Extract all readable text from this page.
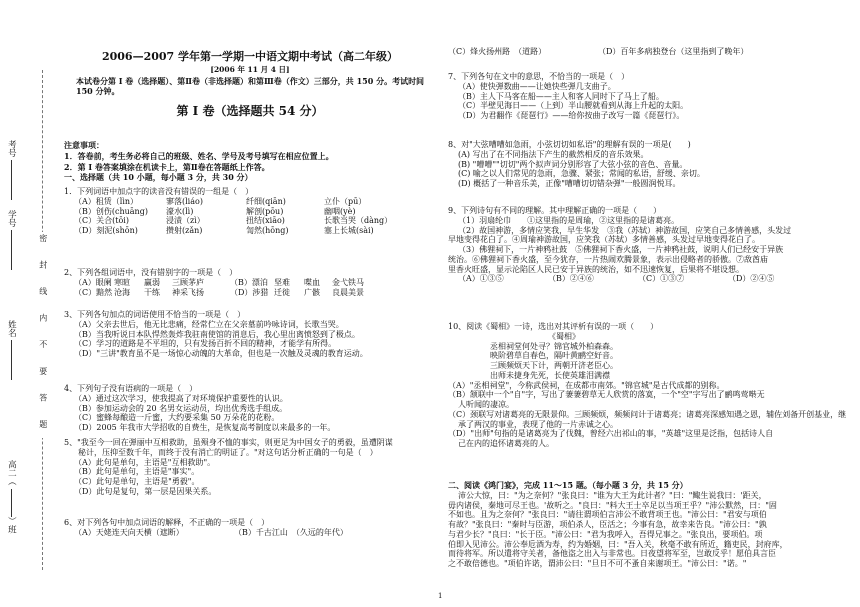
考号
学号
姓名
高二（）班
密 封 线 内 不 要 答 题
2006—2007 学年第一学期一中语文期中考试（高二年级）
[2006 年 11 月 4 日]
本试卷分第 I 卷（选择题）、第Ⅱ卷（非选择题）和第Ⅲ卷（作文）三部分，共 150 分。考试时间 150 分钟。
第 I 卷（选择题共 54 分）
注意事项：
1．答卷前，考生务必将自己的班级、姓名、学号及考号填写在相应位置上。
2．第 I 卷答案填涂在机读卡上，第Ⅱ卷在答题纸上作答。
一、选择题（共 10 小题，每小题 3 分，共 30 分）
1．下列词语中加点字的读音没有错误的一组是（　）
（A）租赁（lìn）	寥落(liáo)	纤细(qiān)	立仆（pū）
（B）创伤(chuāng)	濠水(lì)	解剖(pōu)	幽咽(yè)
（C）关合(tōi)	浸渍（zì）	扭结(xiāo)	长歌当哭（dàng）
（D）刻泥(shōn)	攒射(zǎn)	訇然(hōng)	塞上长城(sài)
2、下列各组词语中，没有错别字的一项是（　）
（A）眼阑 寒暄	赢弱	三顾茅庐	（B）漂泊 坚难	喋血	金弋铁马
（C）黯然 沧海	干练	神采飞扬	（D）涉猎 迁徙	广骸	良晨美景
3、下列各句加点的词语使用不恰当的一项是（　）
（A）父亲去世后，他无比悲痛，经常伫立在父亲墓前吟咏诗词，长歌当哭。
（B）当我听说日本队悍然轰炸我驻南使馆的消息后，我心里出离愤怒到了极点。
（C）学习的道路是不平坦的，只有发扬百折不回的精神，才能学有所得。
（D）"三讲"教育虽不是一场惊心动魄的大革命，但也是一次触及灵魂的教育运动。
4、下列句子没有语病的一项是（　）
（A）通过这次学习，使我提高了对环境保护重要性的认识。
（B）参加运动会的 20 名男女运动员，均出优秀选手组成。
（C）蜜蜂每酿造一斤蜜，大约要采集 50 万朵花的花粉。
（D）2005 年我市大学招收的自费生，是恢复高考制度以来最多的一年。
5、"我至今一回在弹丽中互相救助，虽殒身不恤的事实，则更足为中国女子的勇毅，虽遭阴谋
秘计，压抑至数千年，而终于没有消亡的明证了。"对这句话分析正确的一句是（　）
（A）此句是单句，主语是"互相救助"。
（B）此句是单句，主语是"事实"。
（C）此句是单句，主语是"勇毅"。
（D）此句是复句，第一层是因果关系。
6、对下列各句中加点词语的解释，不正确的一项是（　）
（A）天姥连天向天横（遮断）	（B）千古江山　（久远的年代）
（C）烽火扬州路　（道路）	（D）百年多病独登台（这里指到了晚年）
7、下列各句在文中的意思，不恰当的一项是（　）
（A）使快弹数曲——让她快些弹几支曲子。
（B）主人下马客在船——主人和客人同时下了马上了船。
（C）半壁见海日——（上到）半山腰就看到从海上升起的太阳。
（D）为君翻作《琵琶行》——给你按曲子改写一篇《琵琶行》。
8、对"大弦嘈嘈如急雨，小弦切切如私语"的理解有误的一项是(　　)
(A) 写出了在不同指法下产生的截然相反的音乐效果。
(B) "嘈嘈""切切"两个拟声词分别形容了大弦小弦的音色、音量。
(C) 喻之以人们常见的急雨，急骤、紧张；常闻的私语，舒缓、亲切。
(D) 概括了一种音乐美，正像"嘈嘈切切错杂弹"一般圆润悦耳。
9、下列诗句有不同的理解。其中理解正确的一项是（　　）
（1）羽扇纶巾　　①这里指的是周瑜，②这里指的是诸葛亮。
（2）故国神游，多情应笑我，早生华发　③我（苏轼）神游故国，应笑自己多情善感，头发过
早地变得花白了。④周瑜神游故国，应笑我（苏轼）多情善感，头发过早地变得花白了。
（3）佛狸祠下，一片神鸦社鼓　⑤佛狸祠下香火盛，一片神鸦社鼓，说明人们已经安于异族
统治。⑥佛狸祠下香火盛，至今犹存，一片热闹欢腾景象，表示出侵略者的骄傲。⑦敌酋庙
里香火旺盛，显示沦陷区人民已安于异族的统治，如不迅速恢复，后果将不堪设想。
（A）①③⑤	（B）②④⑥	（C）①③⑦	（D）②④⑤
10、阅读《蜀相》一诗，选出对其评析有误的一项（　　）
《蜀相》
丞相祠堂何处寻？锦官城外柏森森。
映阶碧草自春色，隔叶黄鹂空好音。
三顾频烦天下计，两朝开济老臣心。
出师未捷身先死，长使英雄泪满襟
（A）"丞相祠堂"，今称武侯祠，在成都市南郊。"锦官城"是古代成都的别称。
（B）颔联中一个"自"字，写出了萋萋碧草无人欣赏的落寞，一个"空"字写出了鹂鸣莺啭无
人听闻的凄凉。
（C）颈联写对诸葛亮的无限景仰。三顾频烦，频频问计于诸葛亮；诸葛亮深感知遇之恩，辅佐刘备开创基业，继
承了两汉的事业，表现了他的一片赤诚之心。
（D）"出师"句指的是诸葛亮为了伐魏，曾经六出祁山的事，"英雄"这里是泛指，包括诗人自
己在内的追怀诸葛亮的人。
二、阅读《鸿门宴》，完成 11～15 题。（每小题 3 分，共 15 分）
沛公大惊，曰："为之奈何？"张良曰："谁为大王为此计者？"曰："鲰生说我曰：'距关，
毋内诸侯，秦地可尽王也。'故听之。"良曰："料大王士卒足以当项王乎？"沛公默然，曰："固
不如也。且为之奈何？"张良曰："请往谓项伯言沛公不敢背项王也。"沛公曰："君安与项伯
有故？"张良曰："秦时与臣游，项伯杀人，臣活之；今事有急，故幸来告良。"沛公曰："孰
与君少长？"良曰："长于臣。"沛公曰："君为我呼入，吾得兄事之。"张良出，要项伯。项
伯即入见沛公。沛公奉卮酒为寿，约为婚姻，曰："吾入关，秋毫不敢有所近，籍吏民，封府库，
而待将军。所以遣将守关者，备他盗之出入与非常也。日夜望将军至，岂敢反乎！愿伯具言臣
之不敢倍德也。"项伯许诺，谓沛公曰："旦日不可不蚤自来谢项王。"沛公曰："诺。"
1
